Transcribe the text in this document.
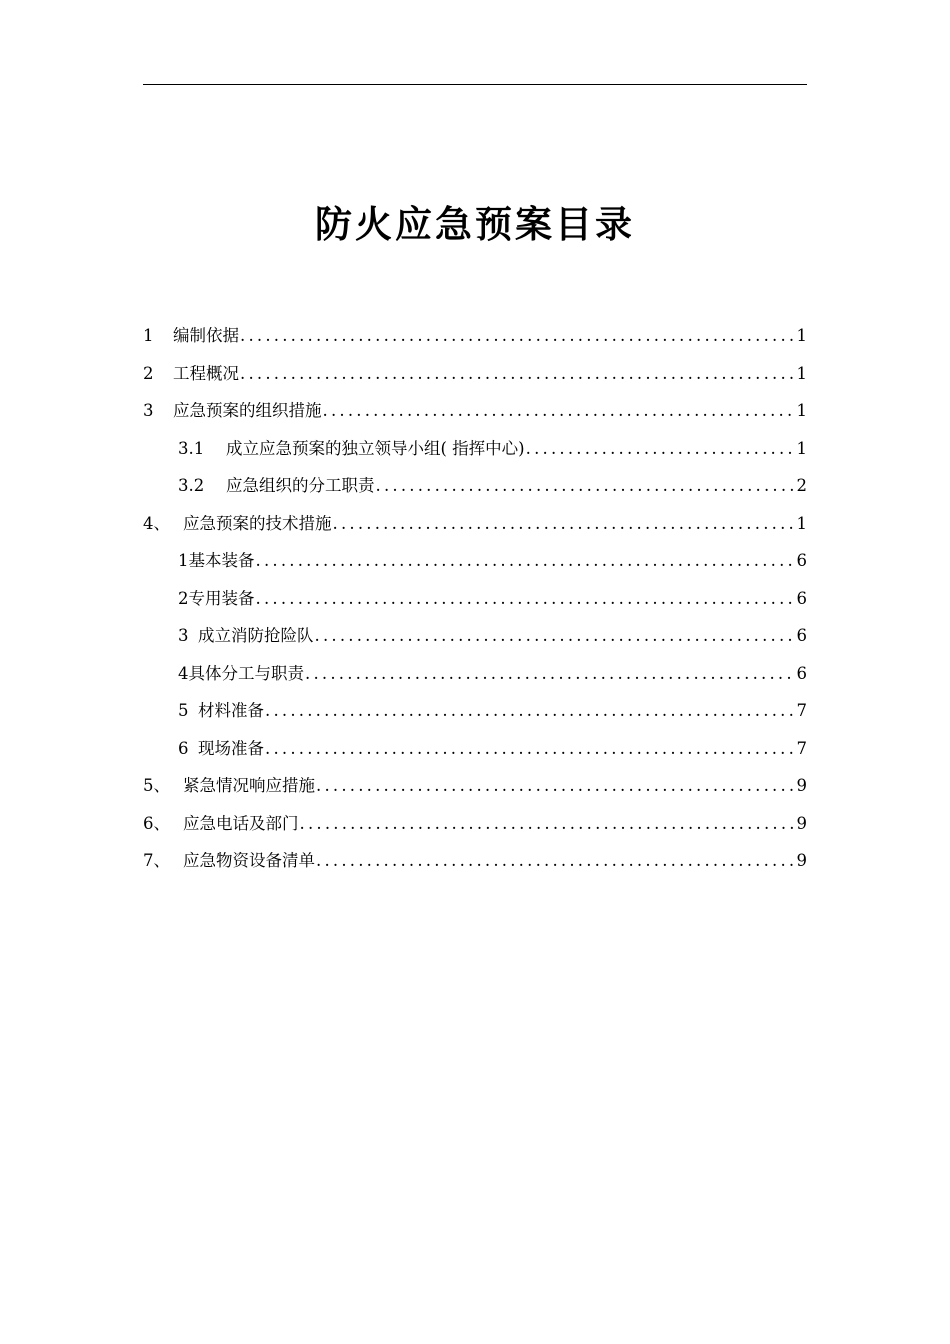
防火应急预案目录
1	编制依据 .....	1
2	工程概况 .....	1
3	应急预案的组织措施 .....	1
3.1	成立应急预案的独立领导小组( 指挥中心) .....	1
3.2	应急组织的分工职责 .....	2
4、 应急预案的技术措施 .....	1
1 基本装备 .....	6
2 专用装备 .....	6
3 成立消防抢险队 .....	6
4 具体分工与职责 .....	6
5 材料准备 .....	7
6 现场准备 .....	7
5、 紧急情况响应措施 .....	9
6、 应急电话及部门 .....	9
7、 应急物资设备清单 .....	9
